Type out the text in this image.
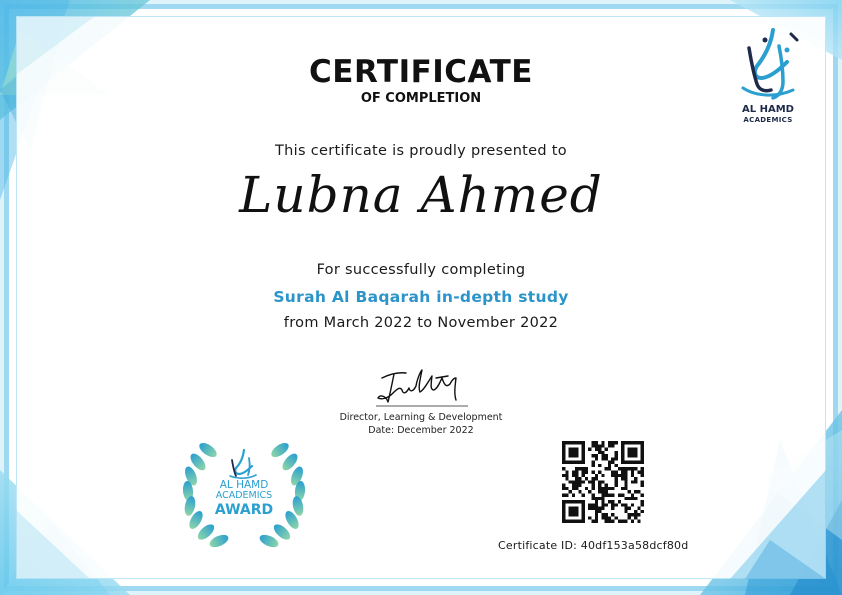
AL HAMD
ACADEMICS
CERTIFICATE
OF COMPLETION
This certificate is proudly presented to
Lubna Ahmed
For successfully completing
Surah Al Baqarah in-depth study
from March 2022 to November 2022
Director, Learning & Development
Date: December 2022
AL HAMD
ACADEMICS
AWARD
Certificate ID: 40df153a58dcf80d
